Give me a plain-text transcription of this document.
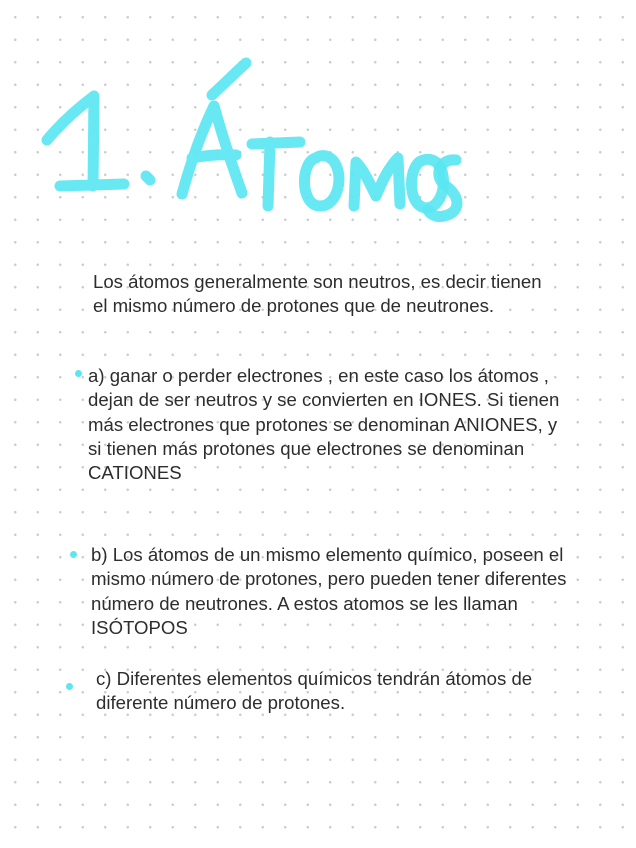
Los átomos generalmente son neutros, es decir tienen
el mismo número de protones que de neutrones.

a) ganar o perder electrones , en este caso los átomos ,
dejan de ser neutros y se convierten en IONES. Si tienen
más electrones que protones se denominan ANIONES, y
si tienen más protones que electrones se denominan
CATIONES

b) Los átomos de un mismo elemento químico, poseen el
mismo número de protones, pero pueden tener diferentes
número de neutrones. A estos atomos se les llaman
ISÓTOPOS

c) Diferentes elementos químicos tendrán átomos de
diferente número de protones.
